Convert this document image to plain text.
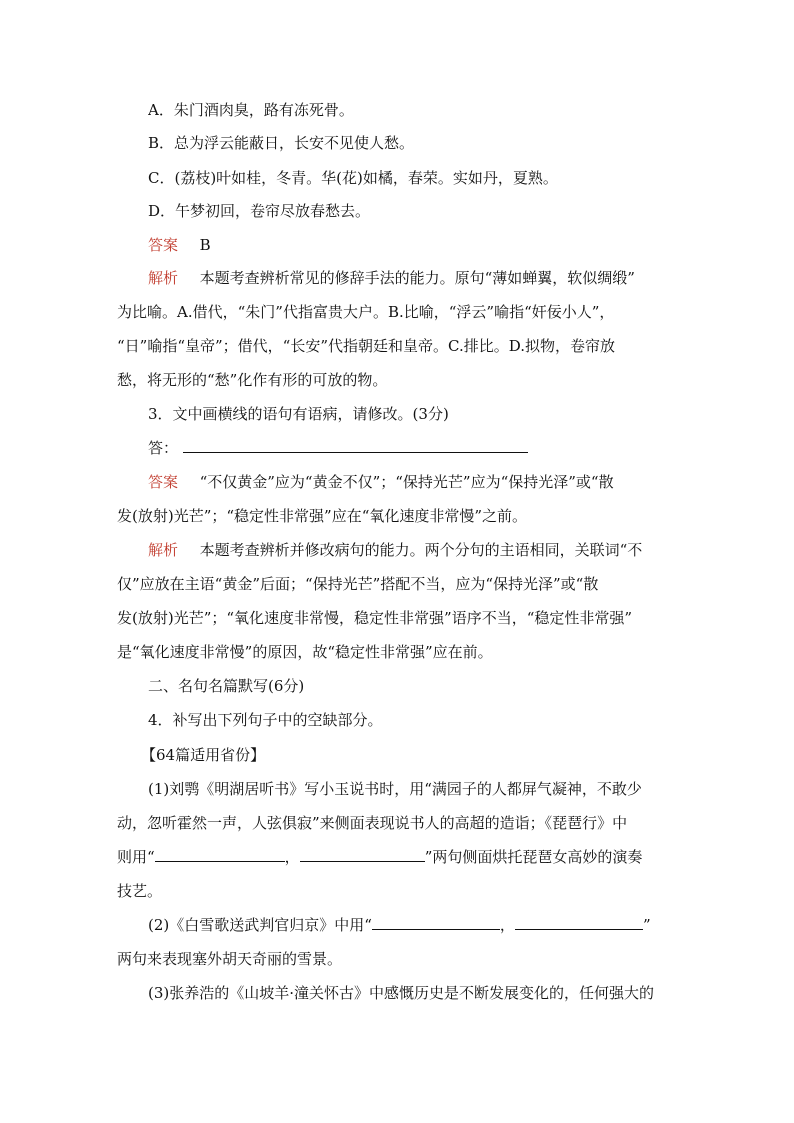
A．朱门酒肉臭，路有冻死骨。
B．总为浮云能蔽日，长安不见使人愁。
C．(荔枝)叶如桂，冬青。华(花)如橘，春荣。实如丹，夏熟。
D．午梦初回，卷帘尽放春愁去。
答案 B
解析 本题考查辨析常见的修辞手法的能力。原句“薄如蝉翼，软似绸缎”
为比喻。A.借代，“朱门”代指富贵大户。B.比喻，“浮云”喻指“奸佞小人”，
“日”喻指“皇帝”；借代，“长安”代指朝廷和皇帝。C.排比。D.拟物，卷帘放
愁，将无形的“愁”化作有形的可放的物。
3．文中画横线的语句有语病，请修改。(3分)
答：
答案 “不仅黄金”应为“黄金不仅”；“保持光芒”应为“保持光泽”或“散
发(放射)光芒”；“稳定性非常强”应在“氧化速度非常慢”之前。
解析 本题考查辨析并修改病句的能力。两个分句的主语相同，关联词“不
仅”应放在主语“黄金”后面；“保持光芒”搭配不当，应为“保持光泽”或“散
发(放射)光芒”；“氧化速度非常慢，稳定性非常强”语序不当，“稳定性非常强”
是“氧化速度非常慢”的原因，故“稳定性非常强”应在前。
二、名句名篇默写(6分)
4．补写出下列句子中的空缺部分。
【64篇适用省份】
(1)刘鹗《明湖居听书》写小玉说书时，用“满园子的人都屏气凝神，不敢少
动，忽听霍然一声，人弦俱寂”来侧面表现说书人的高超的造诣；《琵琶行》中
则用“	，	”两句侧面烘托琵琶女高妙的演奏
技艺。
(2)《白雪歌送武判官归京》中用“	，	”
两句来表现塞外胡天奇丽的雪景。
(3)张养浩的《山坡羊·潼关怀古》中感慨历史是不断发展变化的，任何强大的
